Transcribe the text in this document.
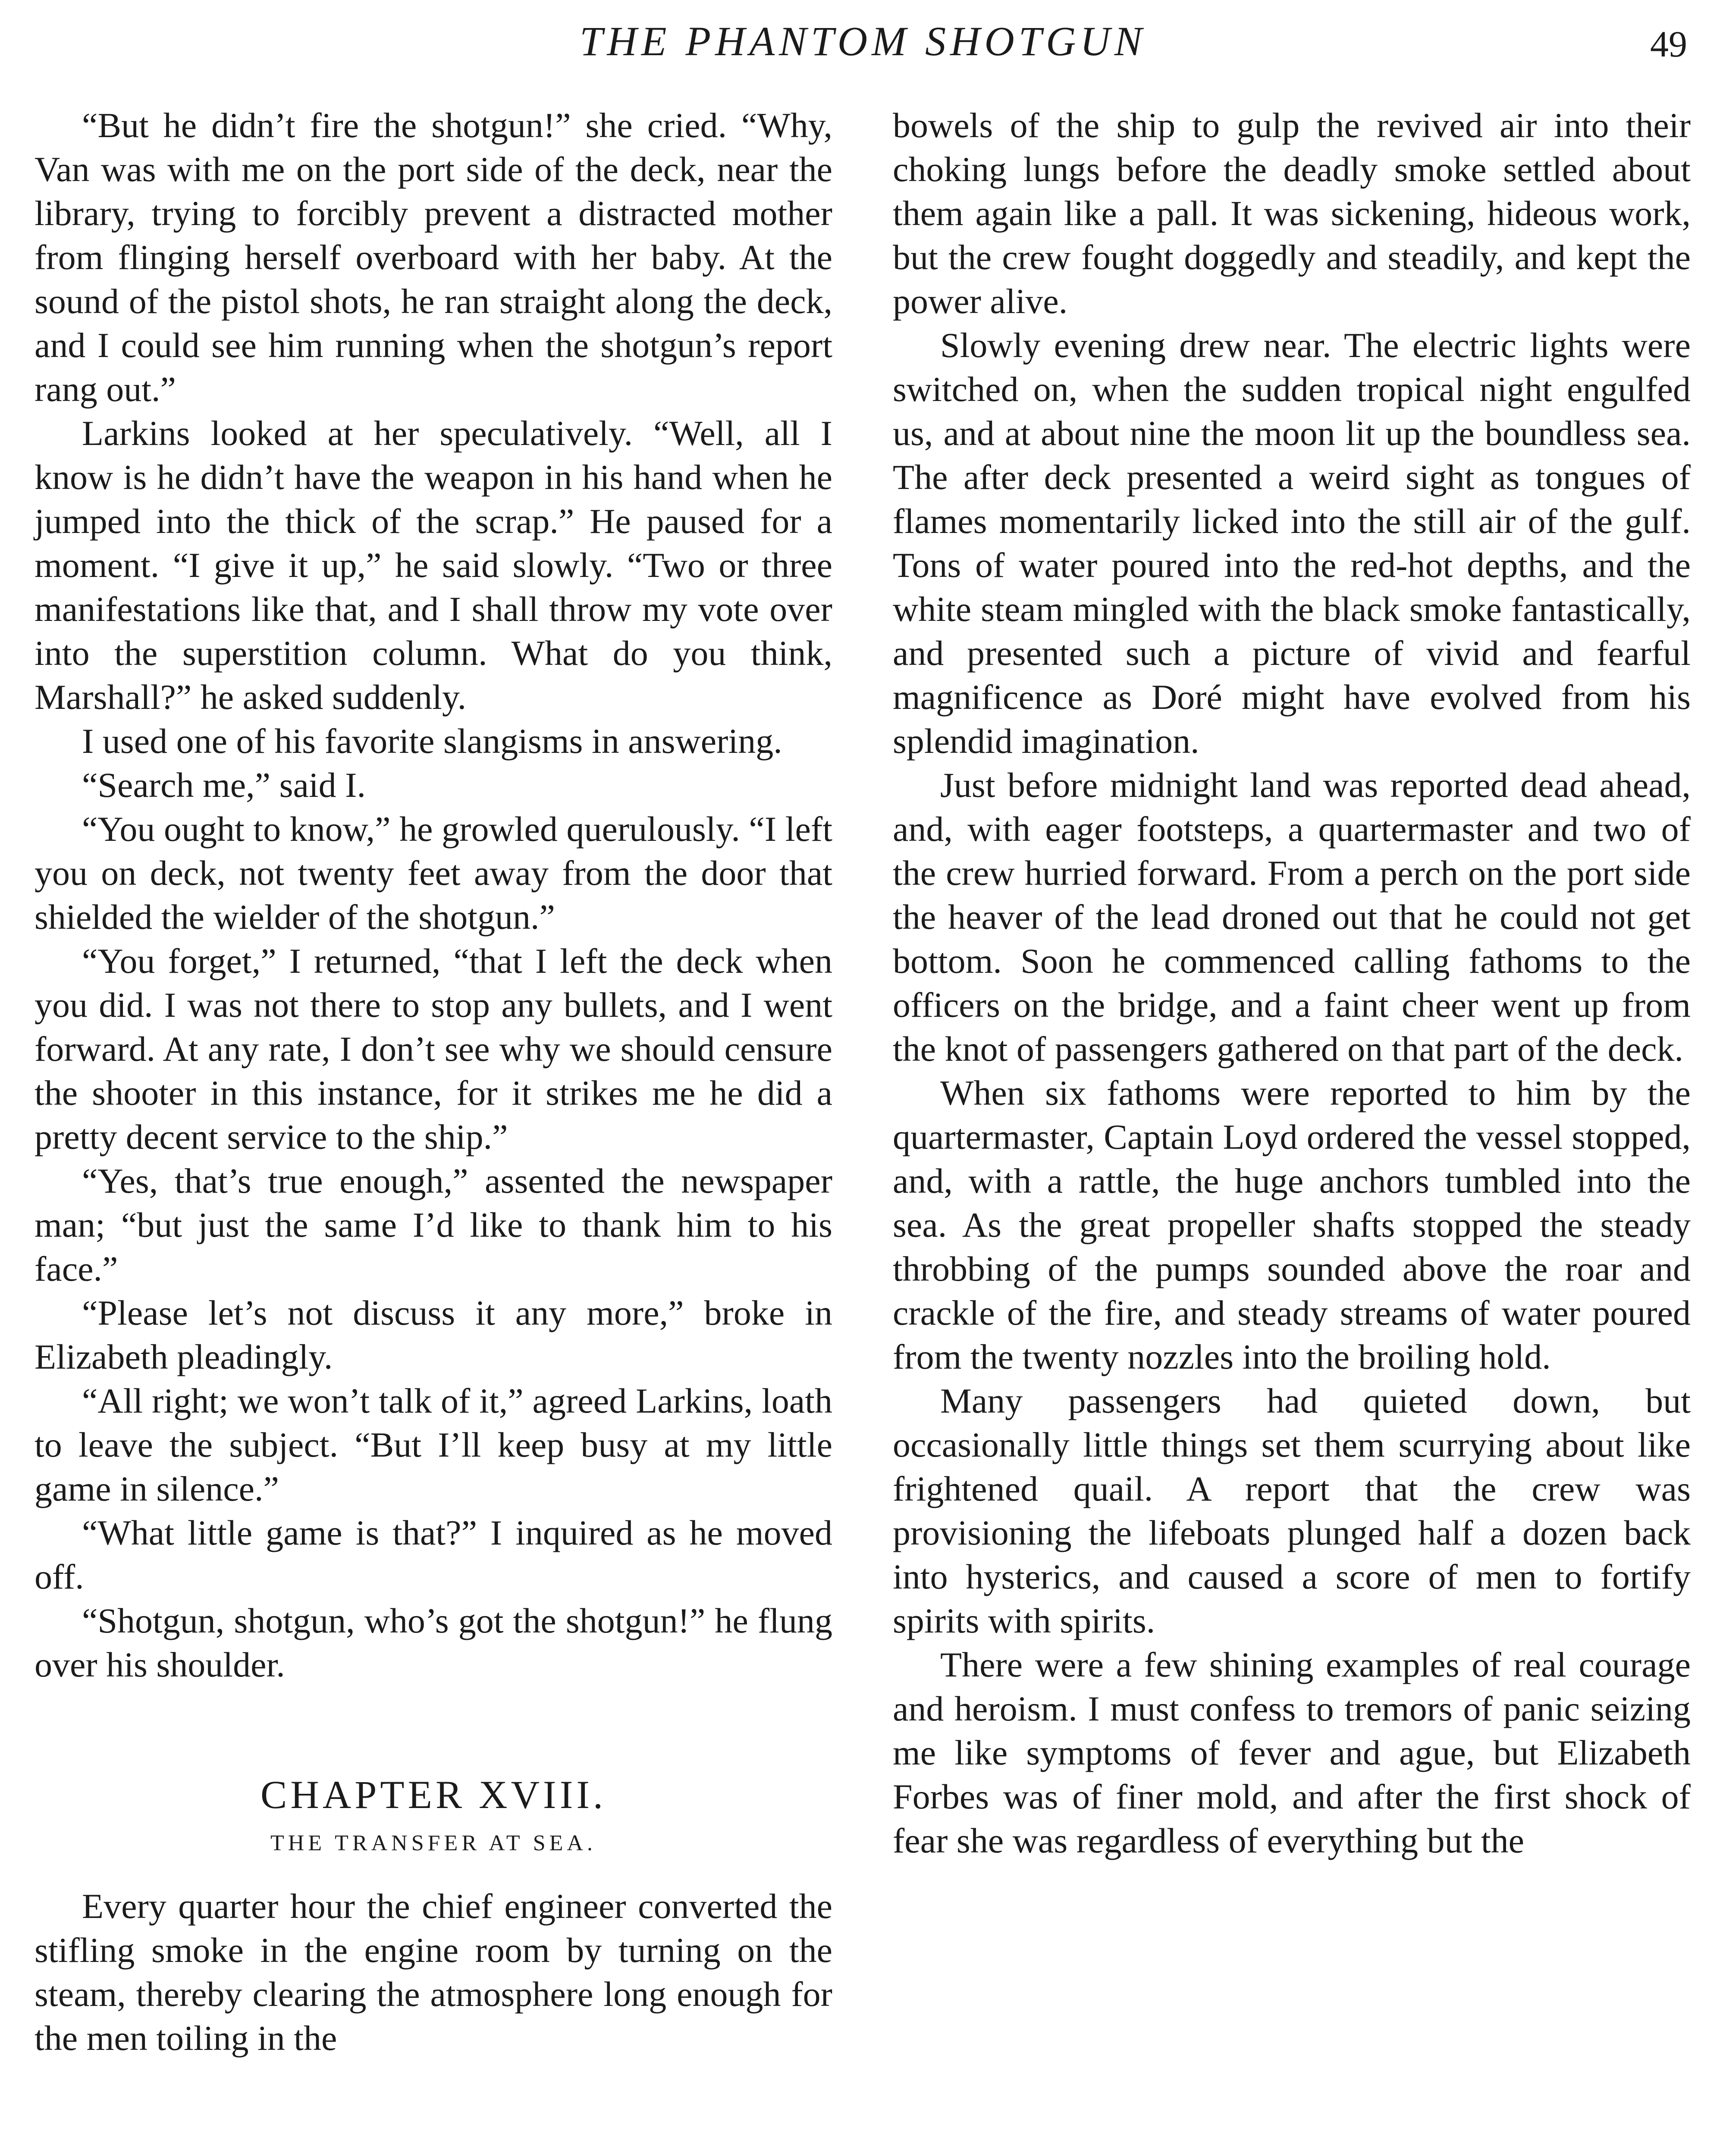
THE PHANTOM SHOTGUN	49

“But he didn’t fire the shotgun!” she cried. “Why, Van was with me on the port side of the deck, near the library, trying to forcibly prevent a distracted mother from flinging herself overboard with her baby. At the sound of the pistol shots, he ran straight along the deck, and I could see him running when the shotgun’s report rang out.”

Larkins looked at her speculatively. “Well, all I know is he didn’t have the weapon in his hand when he jumped into the thick of the scrap.” He paused for a moment. “I give it up,” he said slowly. “Two or three manifestations like that, and I shall throw my vote over into the superstition column. What do you think, Marshall?” he asked suddenly.

I used one of his favorite slangisms in answering.

“Search me,” said I.

“You ought to know,” he growled querulously. “I left you on deck, not twenty feet away from the door that shielded the wielder of the shotgun.”

“You forget,” I returned, “that I left the deck when you did. I was not there to stop any bullets, and I went forward. At any rate, I don’t see why we should censure the shooter in this instance, for it strikes me he did a pretty decent service to the ship.”

“Yes, that’s true enough,” assented the newspaper man; “but just the same I’d like to thank him to his face.”

“Please let’s not discuss it any more,” broke in Elizabeth pleadingly.

“All right; we won’t talk of it,” agreed Larkins, loath to leave the subject. “But I’ll keep busy at my little game in silence.”

“What little game is that?” I inquired as he moved off.

“Shotgun, shotgun, who’s got the shotgun!” he flung over his shoulder.

CHAPTER XVIII.
THE TRANSFER AT SEA.

Every quarter hour the chief engineer converted the stifling smoke in the engine room by turning on the steam, thereby clearing the atmosphere long enough for the men toiling in the

bowels of the ship to gulp the revived air into their choking lungs before the deadly smoke settled about them again like a pall. It was sickening, hideous work, but the crew fought doggedly and steadily, and kept the power alive.

Slowly evening drew near. The electric lights were switched on, when the sudden tropical night engulfed us, and at about nine the moon lit up the boundless sea. The after deck presented a weird sight as tongues of flames momentarily licked into the still air of the gulf. Tons of water poured into the red-hot depths, and the white steam mingled with the black smoke fantastically, and presented such a picture of vivid and fearful magnificence as Doré might have evolved from his splendid imagination.

Just before midnight land was reported dead ahead, and, with eager footsteps, a quartermaster and two of the crew hurried forward. From a perch on the port side the heaver of the lead droned out that he could not get bottom. Soon he commenced calling fathoms to the officers on the bridge, and a faint cheer went up from the knot of passengers gathered on that part of the deck.

When six fathoms were reported to him by the quartermaster, Captain Loyd ordered the vessel stopped, and, with a rattle, the huge anchors tumbled into the sea. As the great propeller shafts stopped the steady throbbing of the pumps sounded above the roar and crackle of the fire, and steady streams of water poured from the twenty nozzles into the broiling hold.

Many passengers had quieted down, but occasionally little things set them scurrying about like frightened quail. A report that the crew was provisioning the lifeboats plunged half a dozen back into hysterics, and caused a score of men to fortify spirits with spirits.

There were a few shining examples of real courage and heroism. I must confess to tremors of panic seizing me like symptoms of fever and ague, but Elizabeth Forbes was of finer mold, and after the first shock of fear she was regardless of everything but the
